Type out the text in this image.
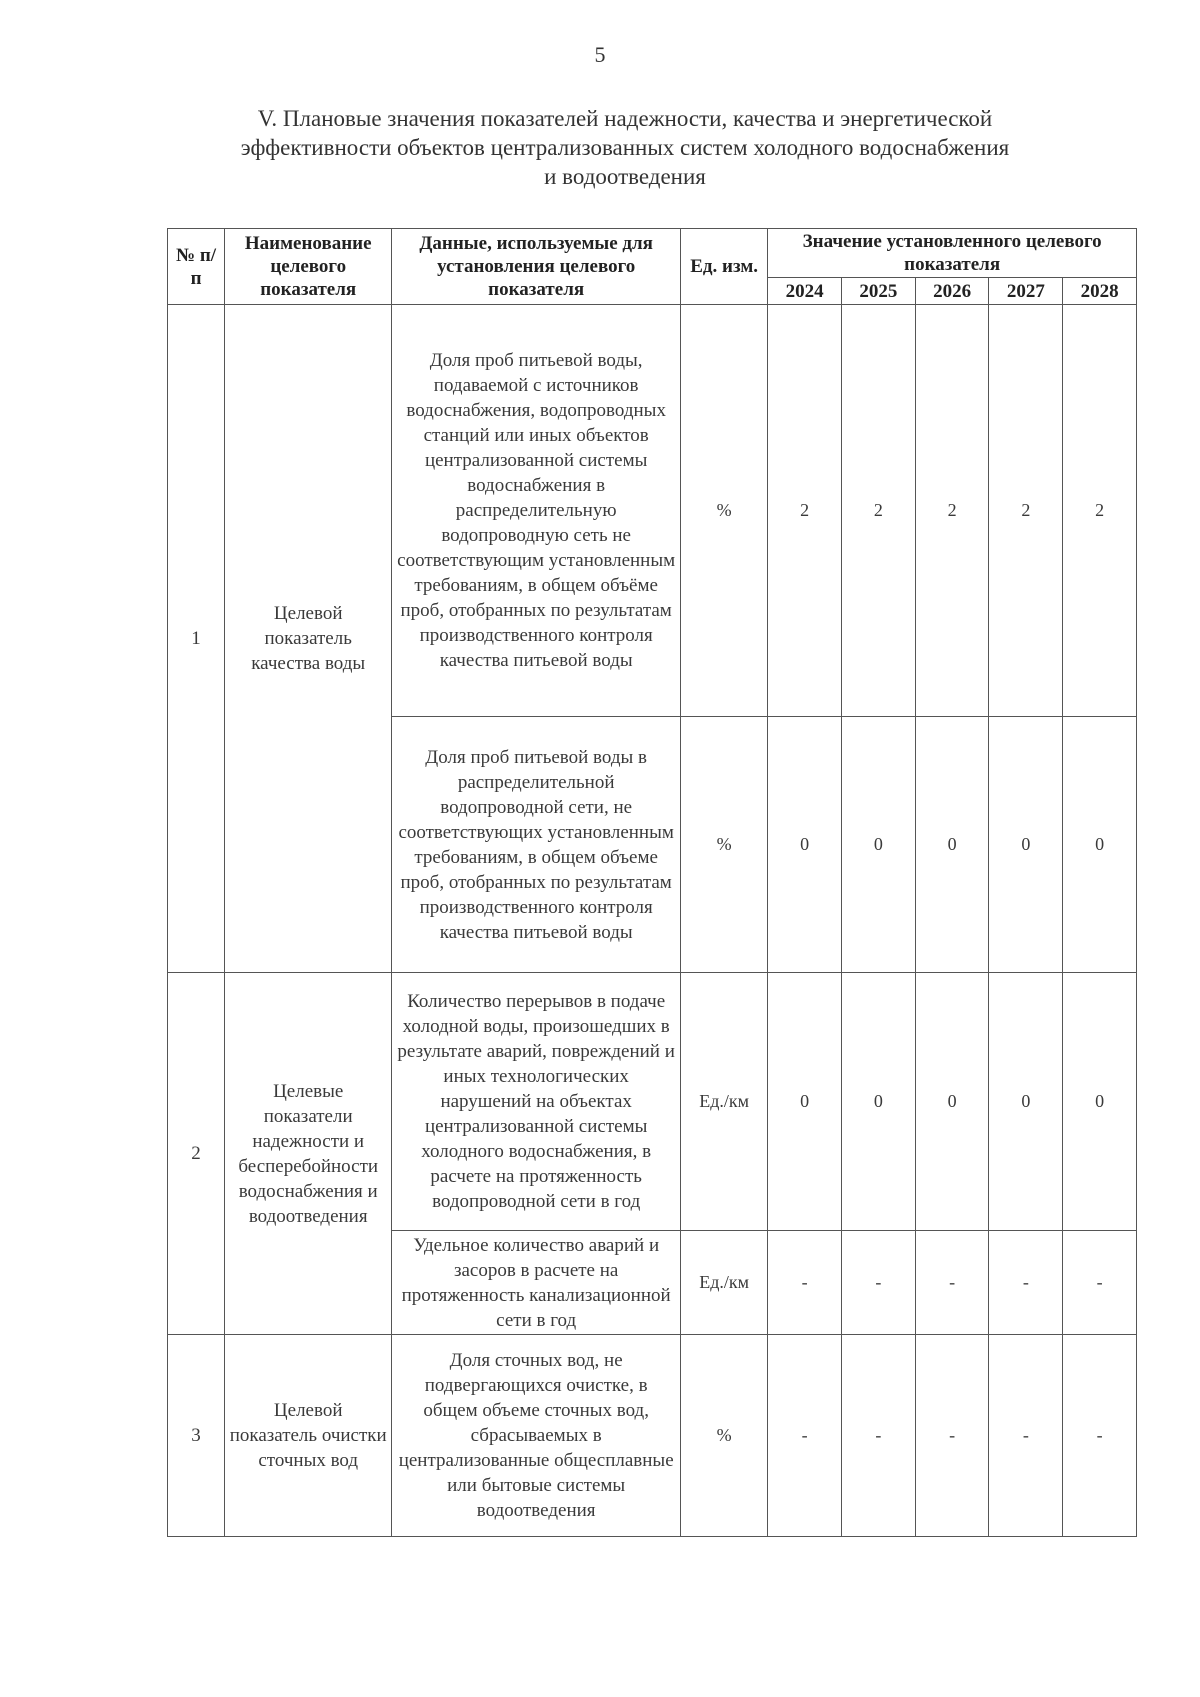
5
V. Плановые значения показателей надежности, качества и энергетической
эффективности объектов централизованных систем холодного водоснабжения
и водоотведения
№ п/п	Наименование целевого показателя	Данные, используемые для установления целевого показателя	Ед. изм.	Значение установленного целевого показателя				
				2024	2025	2026	2027	2028
1	Целевой показатель качества воды	Доля проб питьевой воды, подаваемой с источников водоснабжения, водопроводных станций или иных объектов централизованной системы водоснабжения в распределительную водопроводную сеть не соответствующим установленным требованиям, в общем объёме проб, отобранных по результатам производственного контроля качества питьевой воды	%	2	2	2	2	2
		Доля проб питьевой воды в распределительной водопроводной сети, не соответствующих установленным требованиям, в общем объеме проб, отобранных по результатам производственного контроля качества питьевой воды	%	0	0	0	0	0
2	Целевые показатели надежности и бесперебойности водоснабжения и водоотведения	Количество перерывов в подаче холодной воды, произошедших в результате аварий, повреждений и иных технологических нарушений на объектах централизованной системы холодного водоснабжения, в расчете на протяженность водопроводной сети в год	Ед./км	0	0	0	0	0
		Удельное количество аварий и засоров в расчете на протяженность канализационной сети в год	Ед./км	-	-	-	-	-
3	Целевой показатель очистки сточных вод	Доля сточных вод, не подвергающихся очистке, в общем объеме сточных вод, сбрасываемых в централизованные общесплавные или бытовые системы водоотведения	%	-	-	-	-	-
